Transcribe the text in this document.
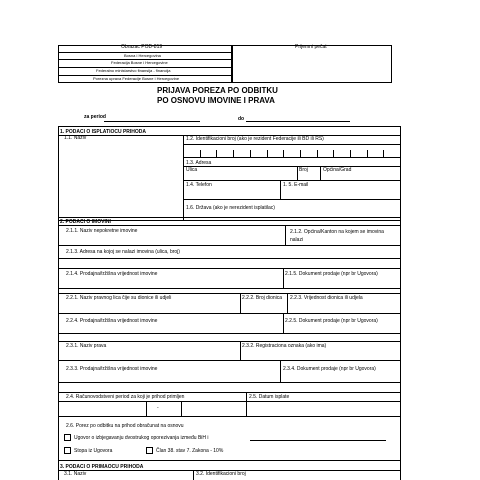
Obrazac POD-819
Bosna i Hercegovina
Federacija Bosne i Hercegovine
Federalno ministarstvo finansija - financija
Porezna uprava Federacije Bosne i Hercegovine
Prijemni pečat
PRIJAVA POREZA PO ODBITKU
PO OSNOVU IMOVINE I PRAVA
za period	do
1. PODACI O ISPLATIOCU PRIHODA
1.1. Naziv	1.2. Identifikacioni broj (ako je rezident Federacije ili BD ili RS)
1.3. Adresa
Ulica	Broj	Općina/Grad
1.4. Telefon	1. 5. E-mail
1.6. Država (ako je nerezident isplatilac)
2. PODACI O IMOVINI
2.1.1. Naziv nepokretne imovine	2.1.2. Općina/Kanton na kojem se imovina nalazi
2.1.3. Adresa na kojoj se nalazi imovina (ulica, broj)
2.1.4. Prodajna/tržišna vrijednost imovine	2.1.5. Dokument prodaje (npr br Ugovora)
2.2.1. Naziv pravnog lica čije su dionice ili udjeli	2.2.2. Broj dionica 2.2.3. Vrijednost dionica ili udjela
2.2.4. Prodajna/tržišna vrijednost imovine	2.2.5. Dokument prodaje (npr br Ugovora)
2.3.1. Naziv prava	2.3.2. Registraciona oznaka (ako ima)
2.3.3. Prodajna/tržišna vrijednost imovine	2.3.4. Dokument prodaje (npr br Ugovora)
2.4. Računovodstveni period za koji je prihod primljen	2.5. Datum isplate
-
2.6. Porez po odbitku na prihod obračunat na osnovu
Ugovor o izbjegavanju dvostrukog oporezivanja između BiH i
Stopa iz Ugovora	Član 38. stav 7. Zakona - 10%
3. PODACI O PRIMAOCU PRIHODA
3.1. Naziv	3.2. Identifikacioni broj
